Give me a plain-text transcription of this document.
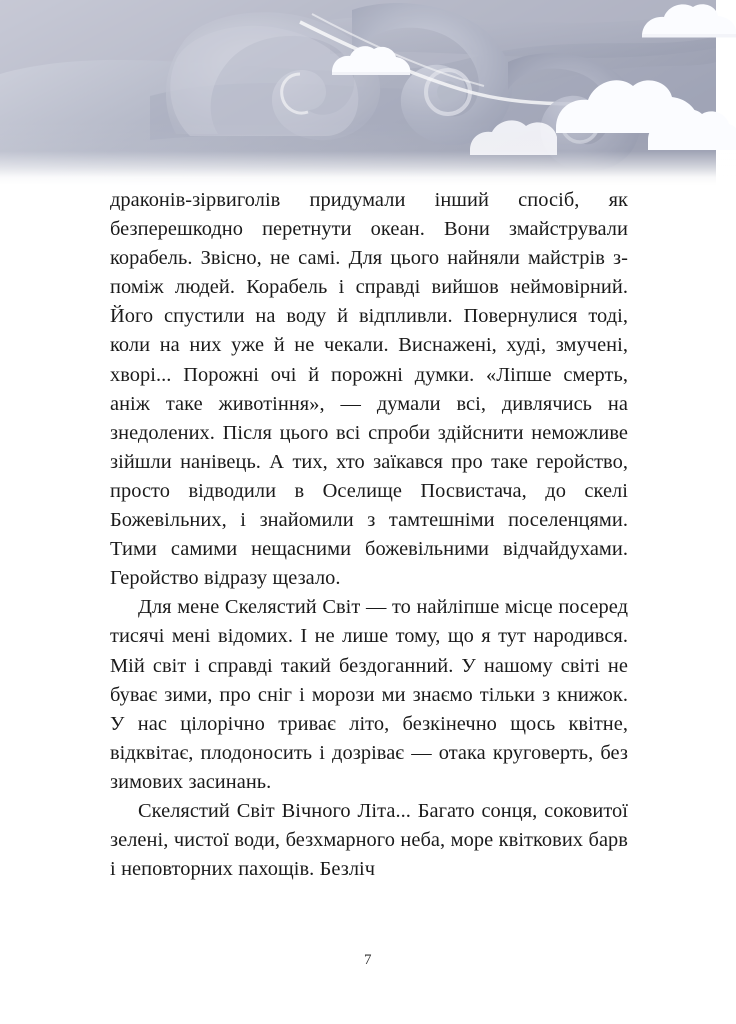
драконів-зірвиголів придумали інший спосіб, як безперешкодно перетнути океан. Вони змайстрували корабель. Звісно, не самі. Для цього найняли майстрів з-поміж людей. Корабель і справді вийшов неймовірний. Його спустили на воду й відпливли. Повернулися тоді, коли на них уже й не чекали. Виснажені, худі, змучені, хворі... Порожні очі й порожні думки. «Ліпше смерть, аніж таке животіння», — думали всі, дивлячись на знедолених. Після цього всі спроби здійснити неможливе зійшли нанівець. А тих, хто заїкався про таке геройство, просто відводили в Оселище Посвистача, до скелі Божевільних, і знайомили з тамтешніми поселенцями. Тими самими нещасними божевільними відчайдухами. Геройство відразу щезало.

Для мене Скелястий Світ — то найліпше місце посеред тисячі мені відомих. І не лише тому, що я тут народився. Мій світ і справді такий бездоганний. У нашому світі не буває зими, про сніг і морози ми знаємо тільки з книжок. У нас цілорічно триває літо, безкінечно щось квітне, відквітає, плодоносить і дозріває — отака круговерть, без зимових засинань.

Скелястий Світ Вічного Літа... Багато сонця, соковитої зелені, чистої води, безхмарного неба, море квіткових барв і неповторних пахощів. Безліч

7
